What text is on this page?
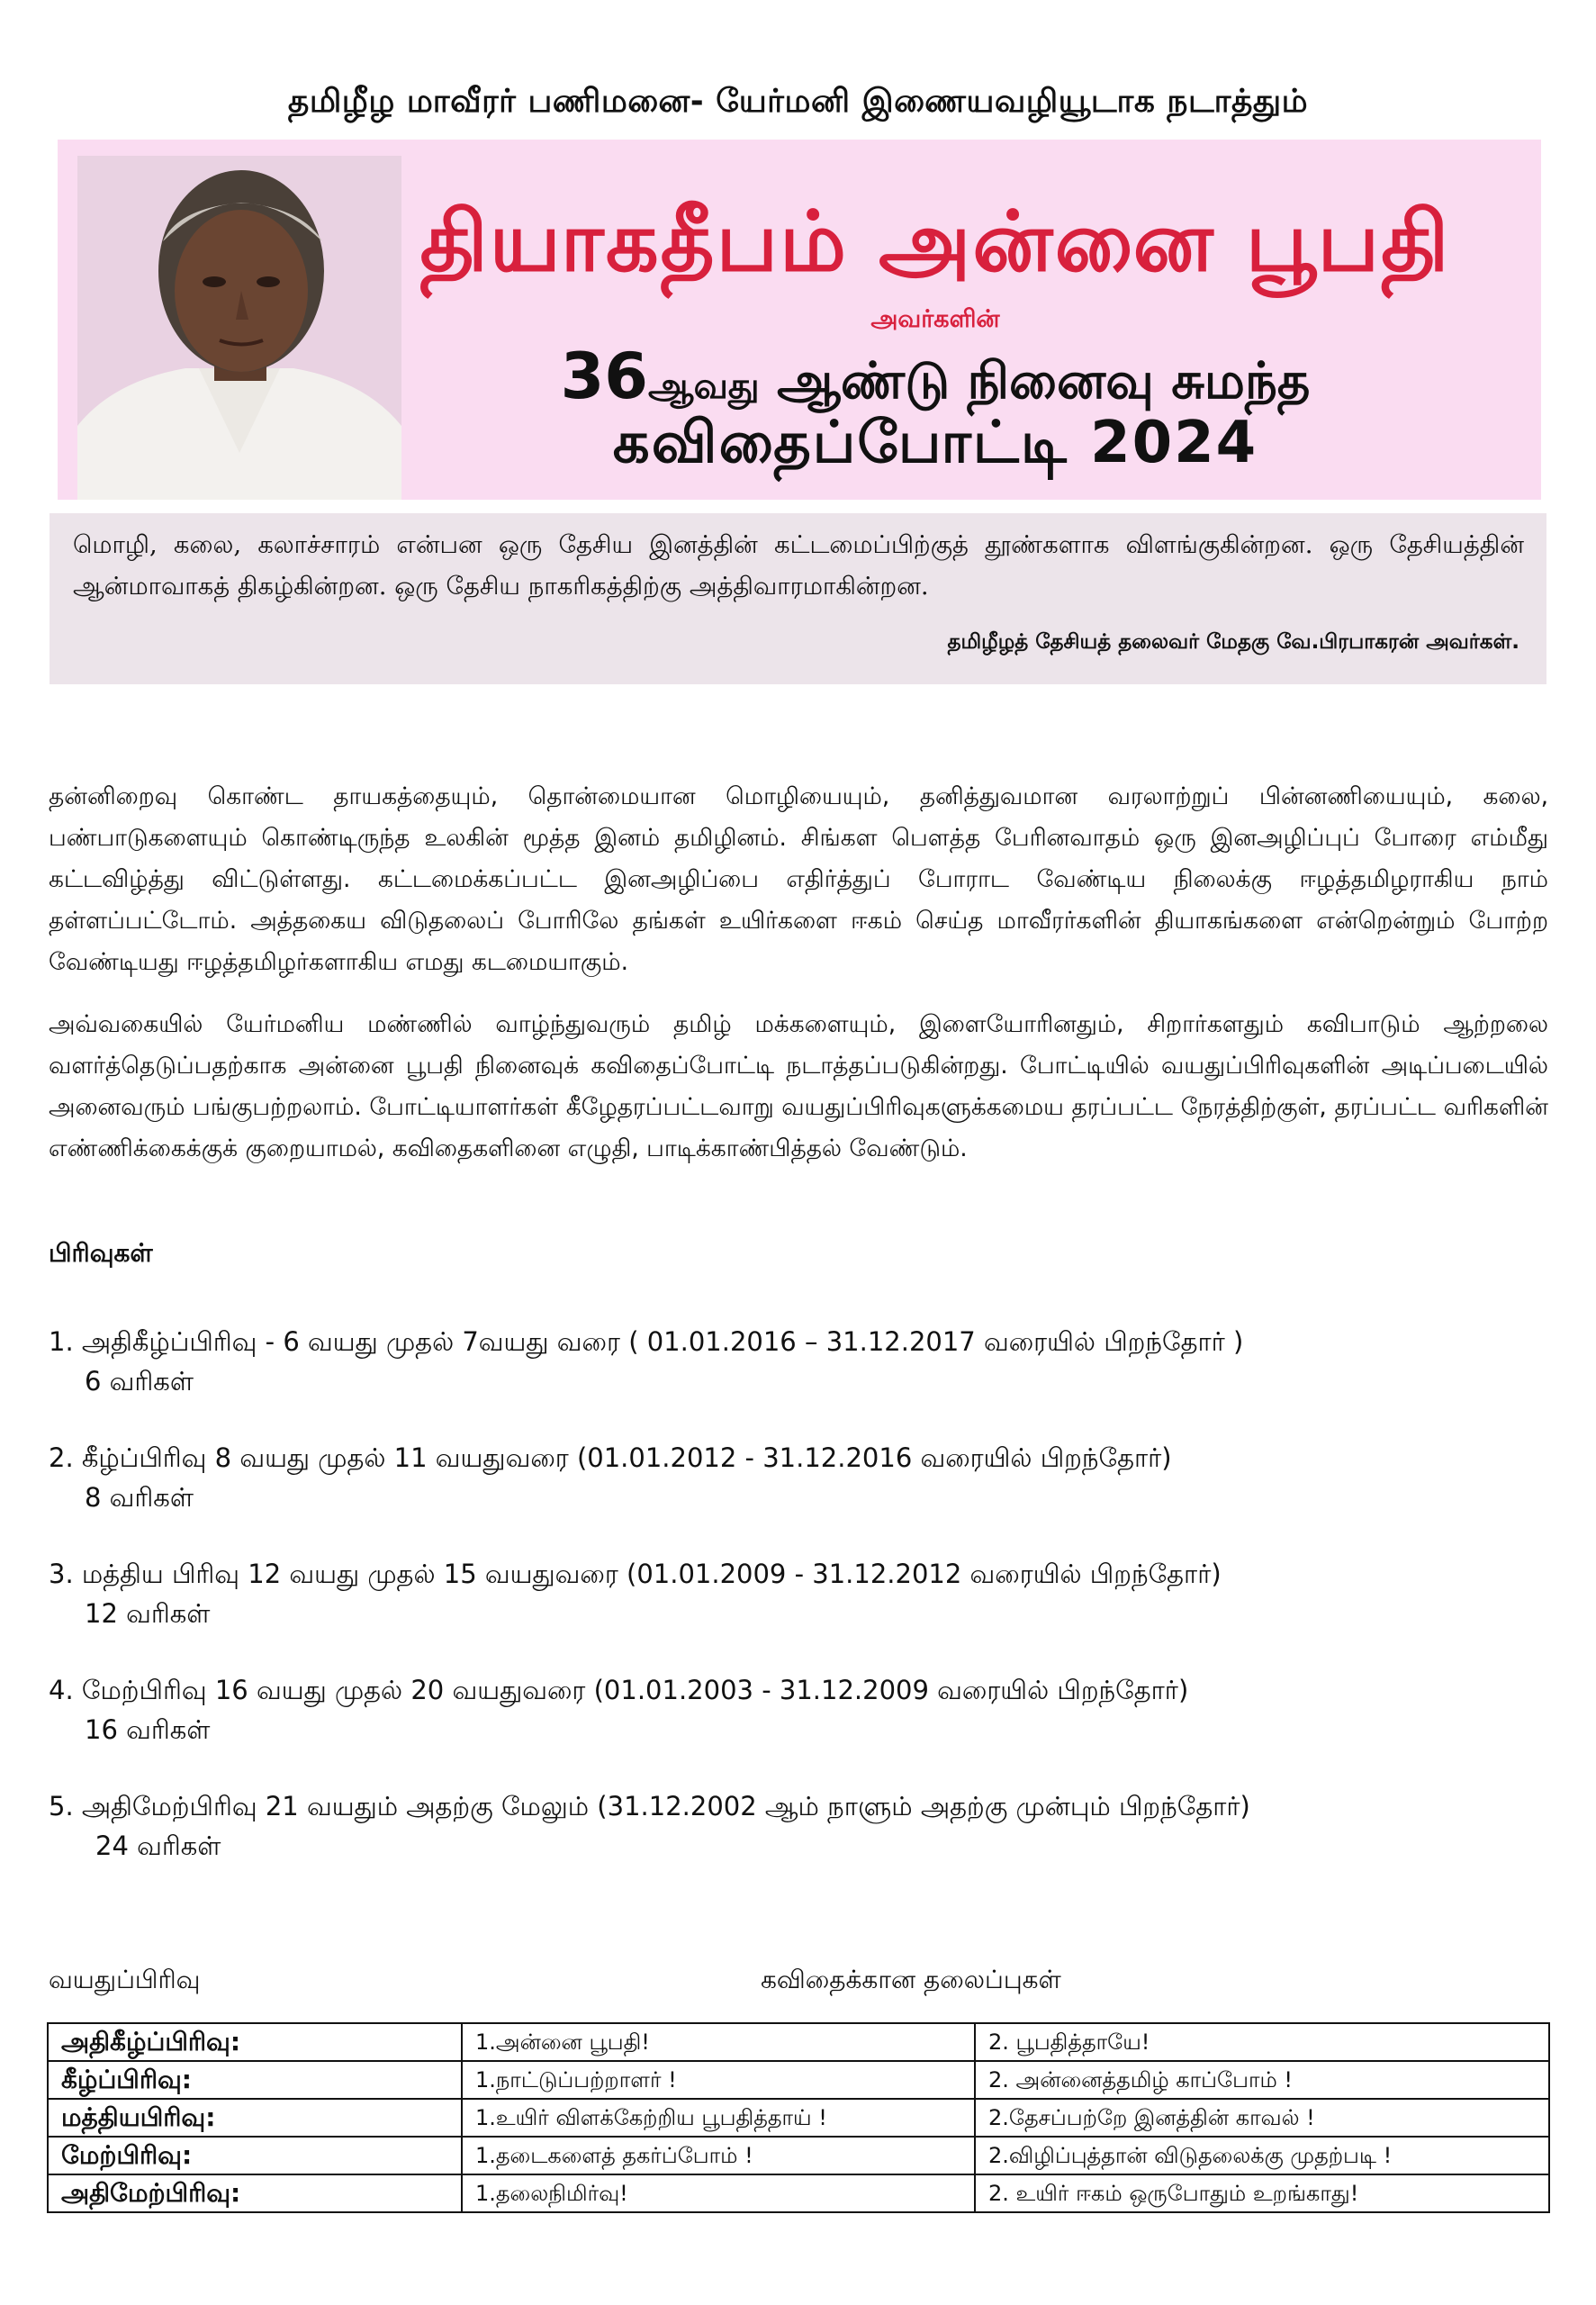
தமிழீழ மாவீரர் பணிமனை- யேர்மனி இணையவழியூடாக நடாத்தும்
தியாகதீபம் அன்னை பூபதி
அவர்களின்
36ஆவது ஆண்டு நினைவு சுமந்த
கவிதைப்போட்டி 2024
மொழி, கலை, கலாச்சாரம் என்பன ஒரு தேசிய இனத்தின் கட்டமைப்பிற்குத் தூண்களாக விளங்குகின்றன. ஒரு தேசியத்தின் ஆன்மாவாகத் திகழ்கின்றன. ஒரு தேசிய நாகரிகத்திற்கு அத்திவாரமாகின்றன.
தமிழீழத் தேசியத் தலைவர் மேதகு வே.பிரபாகரன் அவர்கள்.
தன்னிறைவு கொண்ட தாயகத்தையும், தொன்மையான மொழியையும், தனித்துவமான வரலாற்றுப் பின்னணியையும், கலை, பண்பாடுகளையும் கொண்டிருந்த உலகின் மூத்த இனம் தமிழினம். சிங்கள பௌத்த பேரினவாதம் ஒரு இனஅழிப்புப் போரை எம்மீது கட்டவிழ்த்து விட்டுள்ளது. கட்டமைக்கப்பட்ட இனஅழிப்பை எதிர்த்துப் போராட வேண்டிய நிலைக்கு ஈழத்தமிழராகிய நாம் தள்ளப்பட்டோம். அத்தகைய விடுதலைப் போரிலே தங்கள் உயிர்களை ஈகம் செய்த மாவீரர்களின் தியாகங்களை என்றென்றும் போற்ற வேண்டியது ஈழத்தமிழர்களாகிய எமது கடமையாகும்.
அவ்வகையில் யேர்மனிய மண்ணில் வாழ்ந்துவரும் தமிழ் மக்களையும், இளையோரினதும், சிறார்களதும் கவிபாடும் ஆற்றலை வளர்த்தெடுப்பதற்காக அன்னை பூபதி நினைவுக் கவிதைப்போட்டி நடாத்தப்படுகின்றது. போட்டியில் வயதுப்பிரிவுகளின் அடிப்படையில் அனைவரும் பங்குபற்றலாம். போட்டியாளர்கள் கீழேதரப்பட்டவாறு வயதுப்பிரிவுகளுக்கமைய தரப்பட்ட நேரத்திற்குள், தரப்பட்ட வரிகளின் எண்ணிக்கைக்குக் குறையாமல், கவிதைகளினை எழுதி, பாடிக்காண்பித்தல் வேண்டும்.
பிரிவுகள்
1. அதிகீழ்ப்பிரிவு - 6 வயது முதல் 7வயது வரை ( 01.01.2016 – 31.12.2017 வரையில் பிறந்தோர் )
6 வரிகள்
2. கீழ்ப்பிரிவு 8 வயது முதல் 11 வயதுவரை (01.01.2012 - 31.12.2016 வரையில் பிறந்தோர்)
8 வரிகள்
3. மத்திய பிரிவு 12 வயது முதல் 15 வயதுவரை (01.01.2009 - 31.12.2012 வரையில் பிறந்தோர்)
12 வரிகள்
4. மேற்பிரிவு 16 வயது முதல் 20 வயதுவரை (01.01.2003 - 31.12.2009 வரையில் பிறந்தோர்)
16 வரிகள்
5. அதிமேற்பிரிவு 21 வயதும் அதற்கு மேலும் (31.12.2002 ஆம் நாளும் அதற்கு முன்பும் பிறந்தோர்)
24 வரிகள்
வயதுப்பிரிவு	கவிதைக்கான தலைப்புகள்
அதிகீழ்ப்பிரிவு:	1.அன்னை பூபதி!	2. பூபதித்தாயே!
கீழ்ப்பிரிவு:	1.நாட்டுப்பற்றாளர் !	2. அன்னைத்தமிழ் காப்போம் !
மத்தியபிரிவு:	1.உயிர் விளக்கேற்றிய பூபதித்தாய் !	2.தேசப்பற்றே இனத்தின் காவல் !
மேற்பிரிவு:	1.தடைகளைத் தகர்ப்போம் !	2.விழிப்புத்தான் விடுதலைக்கு முதற்படி !
அதிமேற்பிரிவு:	1.தலைநிமிர்வு!	2. உயிர் ஈகம் ஒருபோதும் உறங்காது!
